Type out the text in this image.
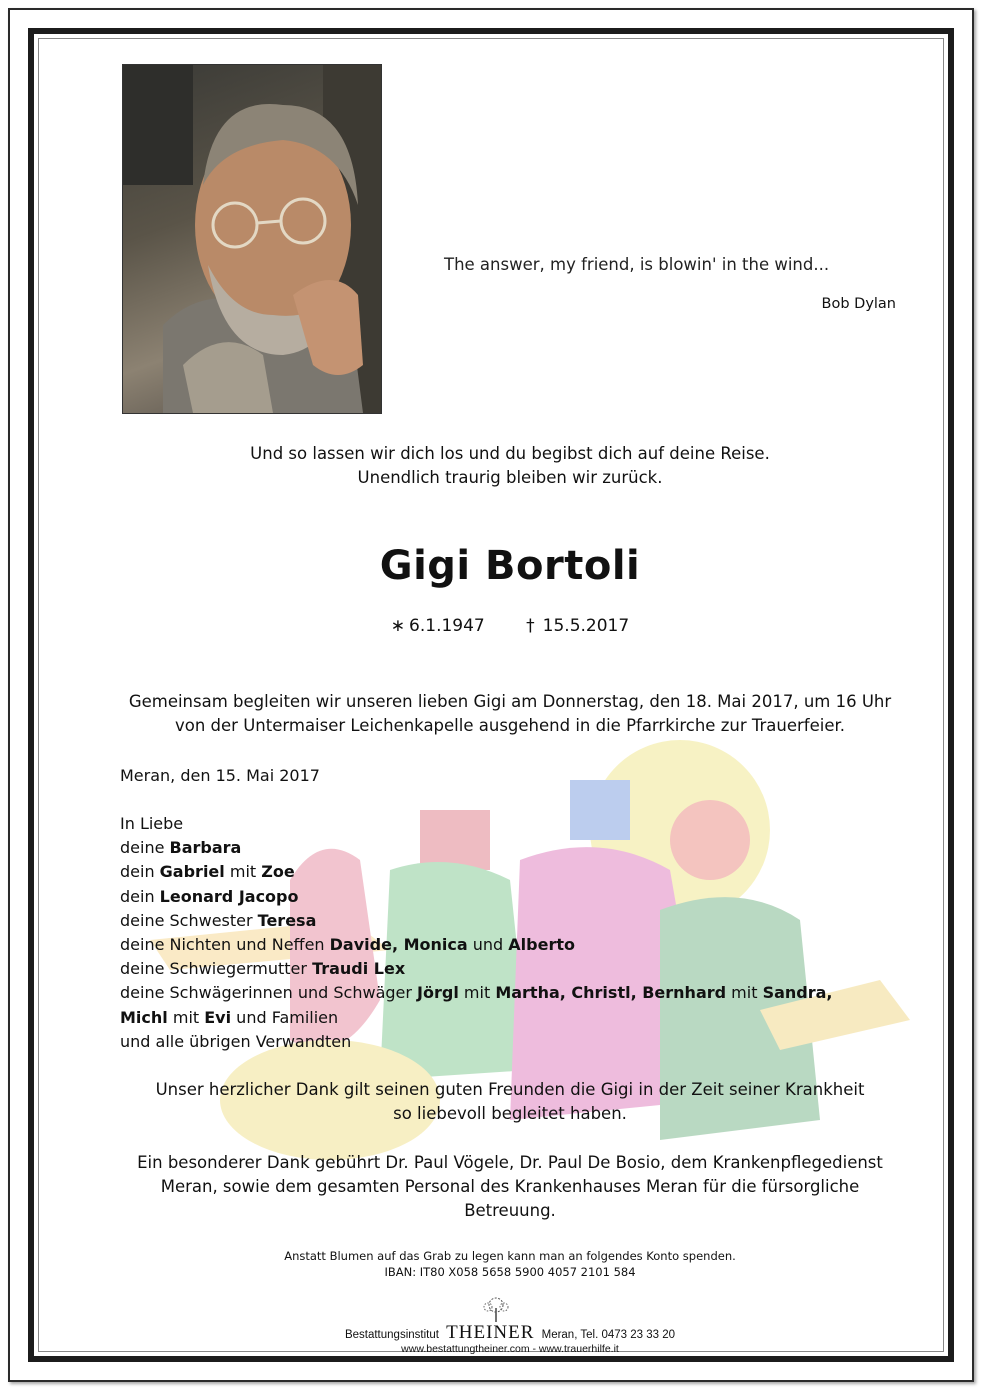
The answer, my friend, is blowin' in the wind...
Bob Dylan
Und so lassen wir dich los und du begibst dich auf deine Reise.
Unendlich traurig bleiben wir zurück.
Gigi Bortoli
∗ 6.1.1947 † 15.5.2017
Gemeinsam begleiten wir unseren lieben Gigi am Donnerstag, den 18. Mai 2017, um 16 Uhr
von der Untermaiser Leichenkapelle ausgehend in die Pfarrkirche zur Trauerfeier.
Meran, den 15. Mai 2017
In Liebe
deine Barbara
dein Gabriel mit Zoe
dein Leonard Jacopo
deine Schwester Teresa
deine Nichten und Neffen Davide, Monica und Alberto
deine Schwiegermutter Traudi Lex
deine Schwägerinnen und Schwäger Jörgl mit Martha, Christl, Bernhard mit Sandra,
Michl mit Evi und Familien
und alle übrigen Verwandten
Unser herzlicher Dank gilt seinen guten Freunden die Gigi in der Zeit seiner Krankheit
so liebevoll begleitet haben.
Ein besonderer Dank gebührt Dr. Paul Vögele, Dr. Paul De Bosio, dem Krankenpflegedienst
Meran, sowie dem gesamten Personal des Krankenhauses Meran für die fürsorgliche
Betreuung.
Anstatt Blumen auf das Grab zu legen kann man an folgendes Konto spenden.
IBAN: IT80 X058 5658 5900 4057 2101 584
Bestattungsinstitut THEINER Meran, Tel. 0473 23 33 20
www.bestattungtheiner.com - www.trauerhilfe.it
